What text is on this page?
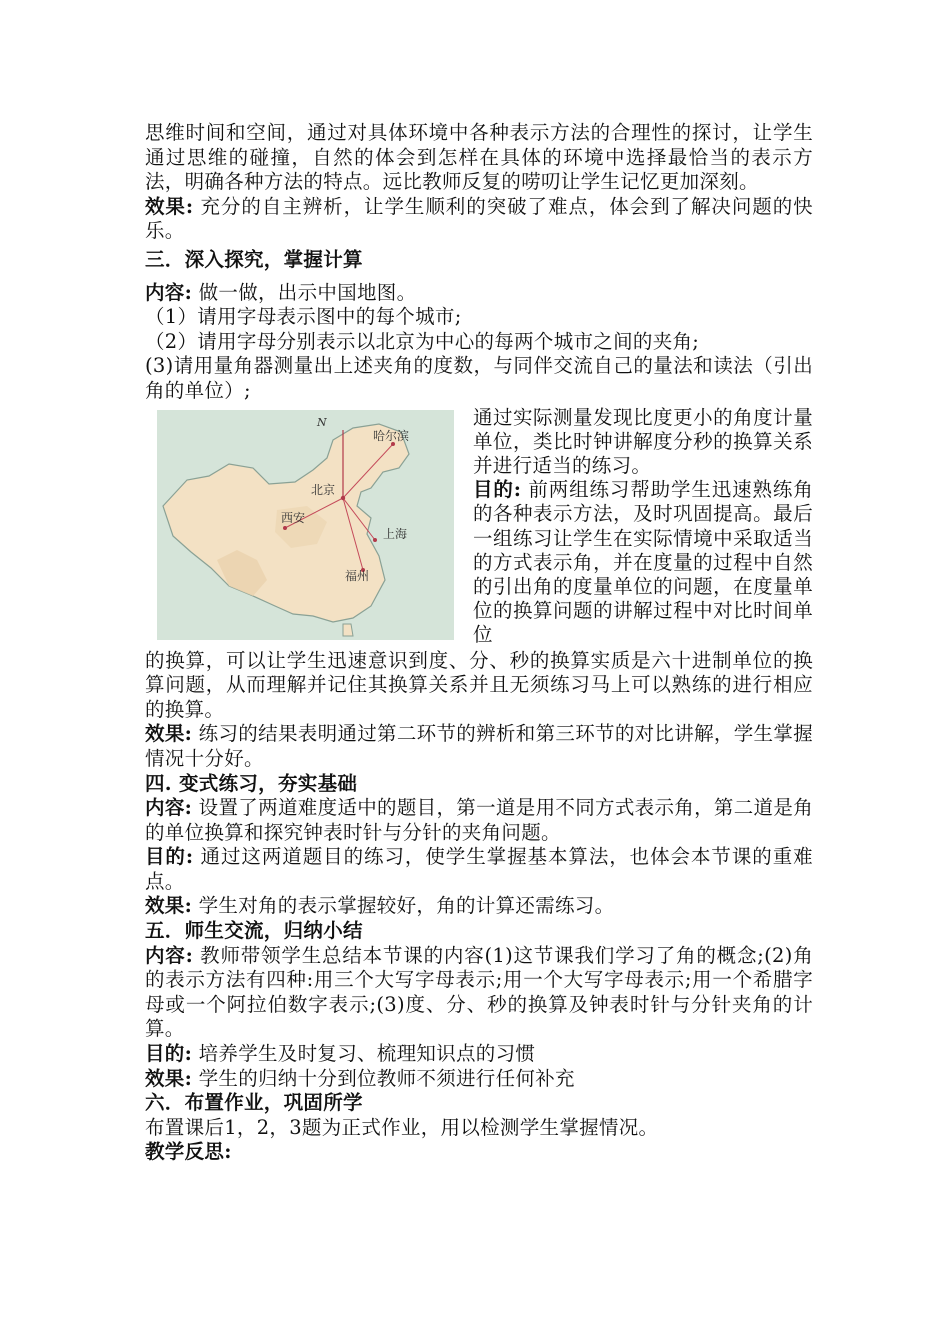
思维时间和空间，通过对具体环境中各种表示方法的合理性的探讨，让学生通过思维的碰撞，自然的体会到怎样在具体的环境中选择最恰当的表示方法，明确各种方法的特点。远比教师反复的唠叨让学生记忆更加深刻。

效果: 充分的自主辨析，让学生顺利的突破了难点，体会到了解决问题的快乐。

三．深入探究，掌握计算

内容: 做一做，出示中国地图。

（1）请用字母表示图中的每个城市;

（2）请用字母分别表示以北京为中心的每两个城市之间的夹角;

(3)请用量角器测量出上述夹角的度数，与同伴交流自己的量法和读法（引出角的单位）;

N
哈尔滨
北京
西安
上海
福州

通过实际测量发现比度更小的角度计量单位，类比时钟讲解度分秒的换算关系并进行适当的练习。

目的: 前两组练习帮助学生迅速熟练角的各种表示方法，及时巩固提高。最后一组练习让学生在实际情境中采取适当的方式表示角，并在度量的过程中自然的引出角的度量单位的问题，在度量单位的换算问题的讲解过程中对比时间单位

的换算，可以让学生迅速意识到度、分、秒的换算实质是六十进制单位的换算问题，从而理解并记住其换算关系并且无须练习马上可以熟练的进行相应的换算。

效果: 练习的结果表明通过第二环节的辨析和第三环节的对比讲解，学生掌握情况十分好。

四. 变式练习，夯实基础

内容: 设置了两道难度适中的题目，第一道是用不同方式表示角，第二道是角的单位换算和探究钟表时针与分针的夹角问题。

目的: 通过这两道题目的练习，使学生掌握基本算法，也体会本节课的重难点。

效果: 学生对角的表示掌握较好，角的计算还需练习。

五．师生交流，归纳小结

内容: 教师带领学生总结本节课的内容(1)这节课我们学习了角的概念;(2)角的表示方法有四种:用三个大写字母表示;用一个大写字母表示;用一个希腊字母或一个阿拉伯数字表示;(3)度、分、秒的换算及钟表时针与分针夹角的计算。

目的: 培养学生及时复习、梳理知识点的习惯

效果: 学生的归纳十分到位教师不须进行任何补充

六．布置作业，巩固所学

布置课后1，2，3题为正式作业，用以检测学生掌握情况。

教学反思:
